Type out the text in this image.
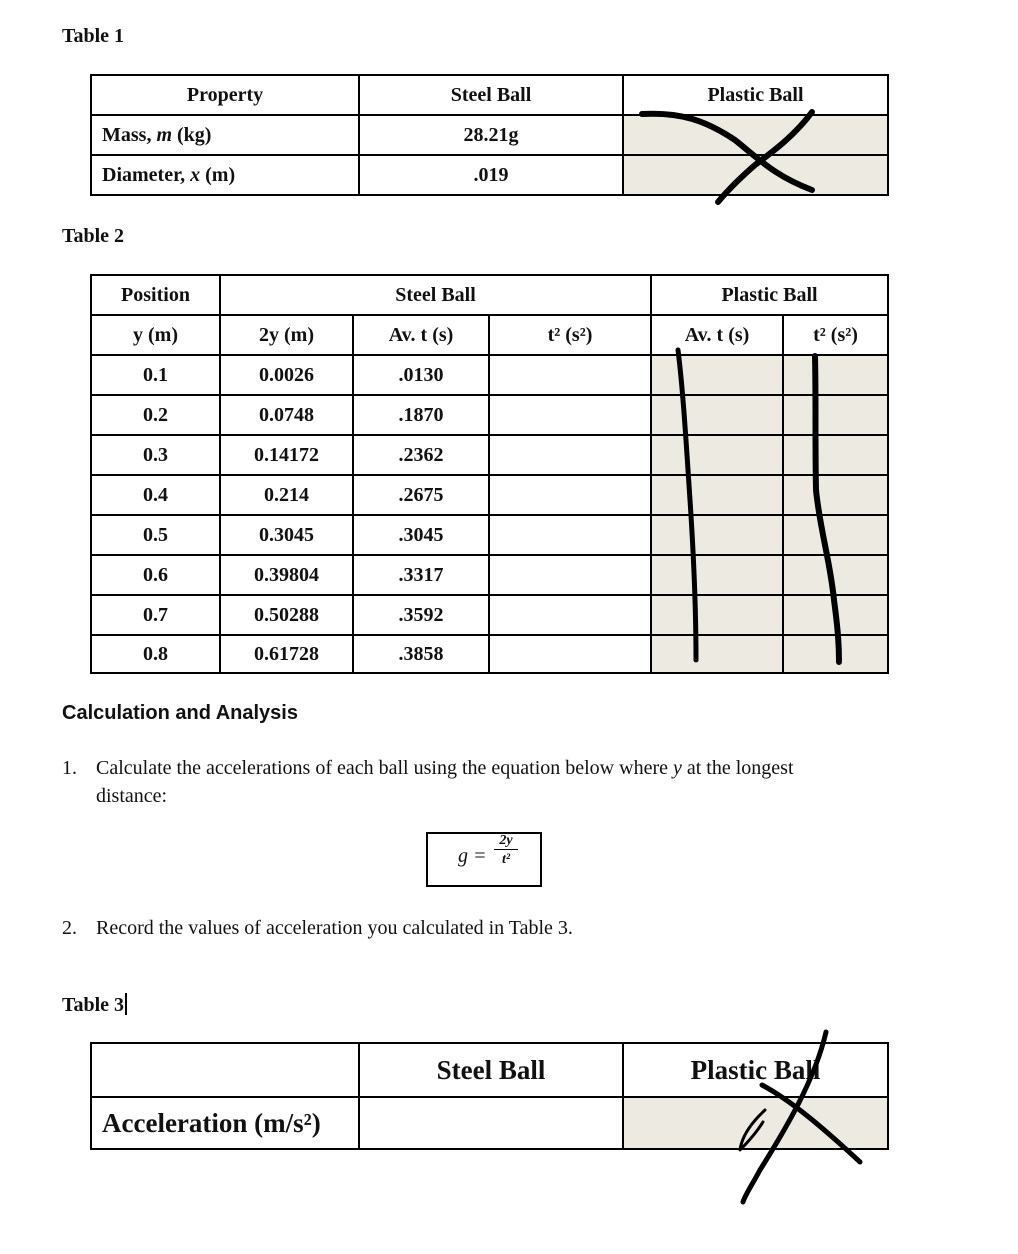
Table 1
Property	Steel Ball	Plastic Ball
Mass, m (kg)	28.21g	
Diameter, x (m)	.019	
Table 2
Position	Steel Ball			Plastic Ball	
y (m)	2y (m)	Av. t (s)	t² (s²)	Av. t (s)	t² (s²)
0.1	0.0026	.0130			
0.2	0.0748	.1870			
0.3	0.14172	.2362			
0.4	0.214	.2675			
0.5	0.3045	.3045			
0.6	0.39804	.3317			
0.7	0.50288	.3592			
0.8	0.61728	.3858			
Calculation and Analysis
1. Calculate the accelerations of each ball using the equation below where y at the longest
distance:
g =
2y
t²
2. Record the values of acceleration you calculated in Table 3.
Table 3
	Steel Ball	Plastic Ball
Acceleration (m/s²)		
